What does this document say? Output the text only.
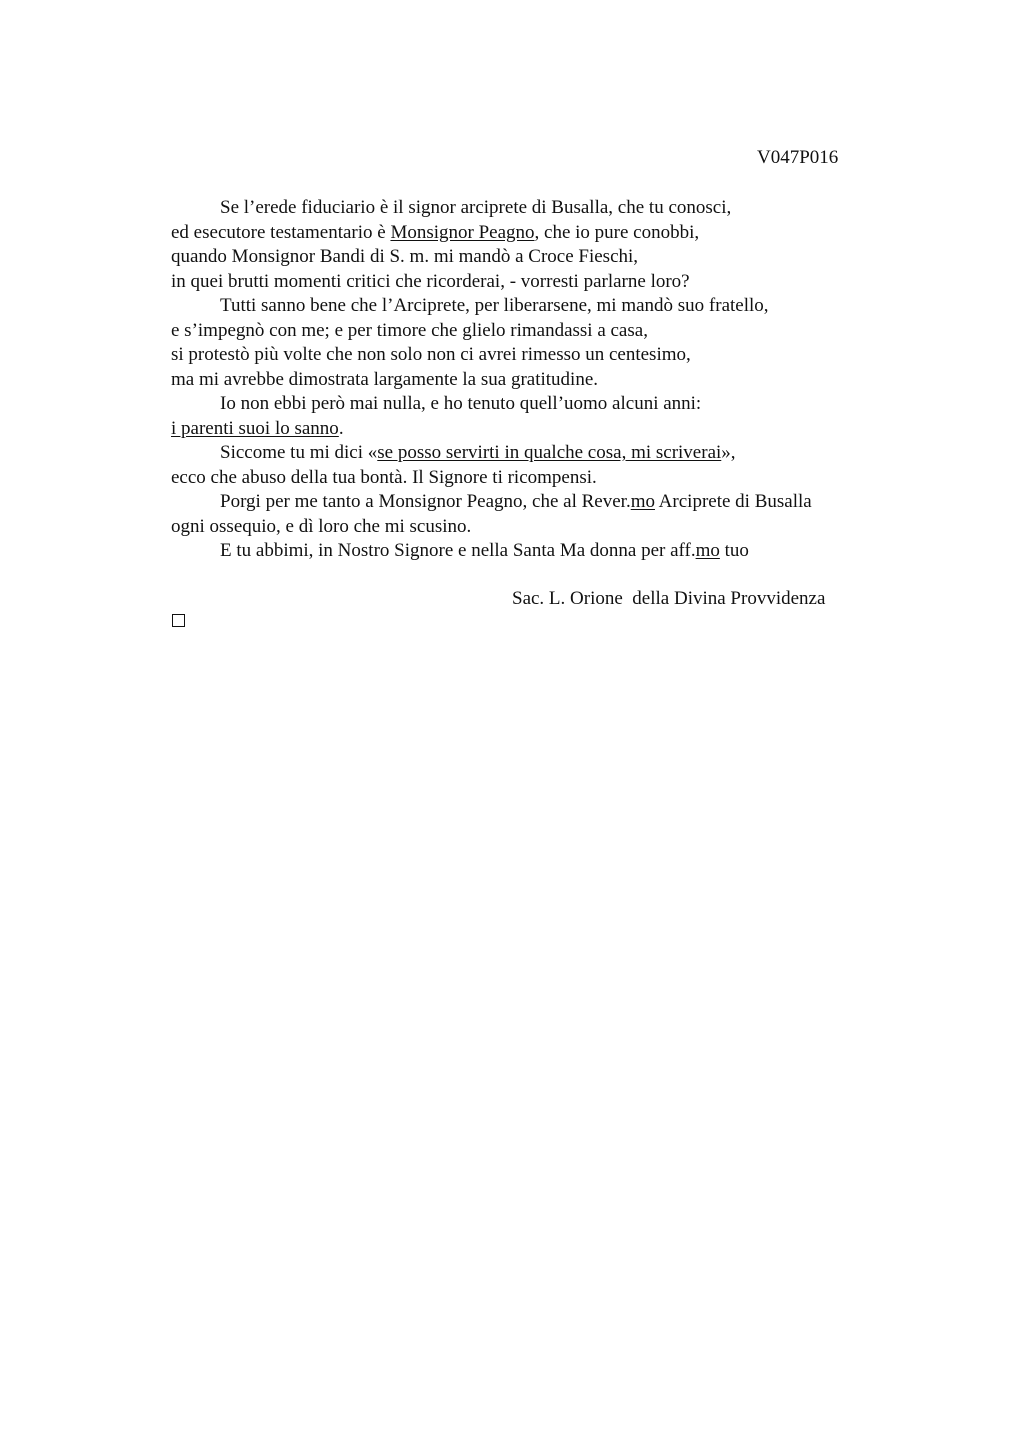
V047P016
Se l’erede fiduciario è il signor arciprete di Busalla, che tu conosci,
ed esecutore testamentario è Monsignor Peagno, che io pure conobbi,
quando Monsignor Bandi di S. m. mi mandò a Croce Fieschi,
in quei brutti momenti critici che ricorderai, - vorresti parlarne loro?
Tutti sanno bene che l’Arciprete, per liberarsene, mi mandò suo fratello,
e s’impegnò con me; e per timore che glielo rimandassi a casa,
si protestò più volte che non solo non ci avrei rimesso un centesimo,
ma mi avrebbe dimostrata largamente la sua gratitudine.
Io non ebbi però mai nulla, e ho tenuto quell’uomo alcuni anni:
i parenti suoi lo sanno.
Siccome tu mi dici «se posso servirti in qualche cosa, mi scriverai»,
ecco che abuso della tua bontà. Il Signore ti ricompensi.
Porgi per me tanto a Monsignor Peagno, che al Rever.mo Arciprete di Busalla
ogni ossequio, e dì loro che mi scusino.
E tu abbimi, in Nostro Signore e nella Santa Ma donna per aff.mo tuo
Sac. L. Orione  della Divina Provvidenza
